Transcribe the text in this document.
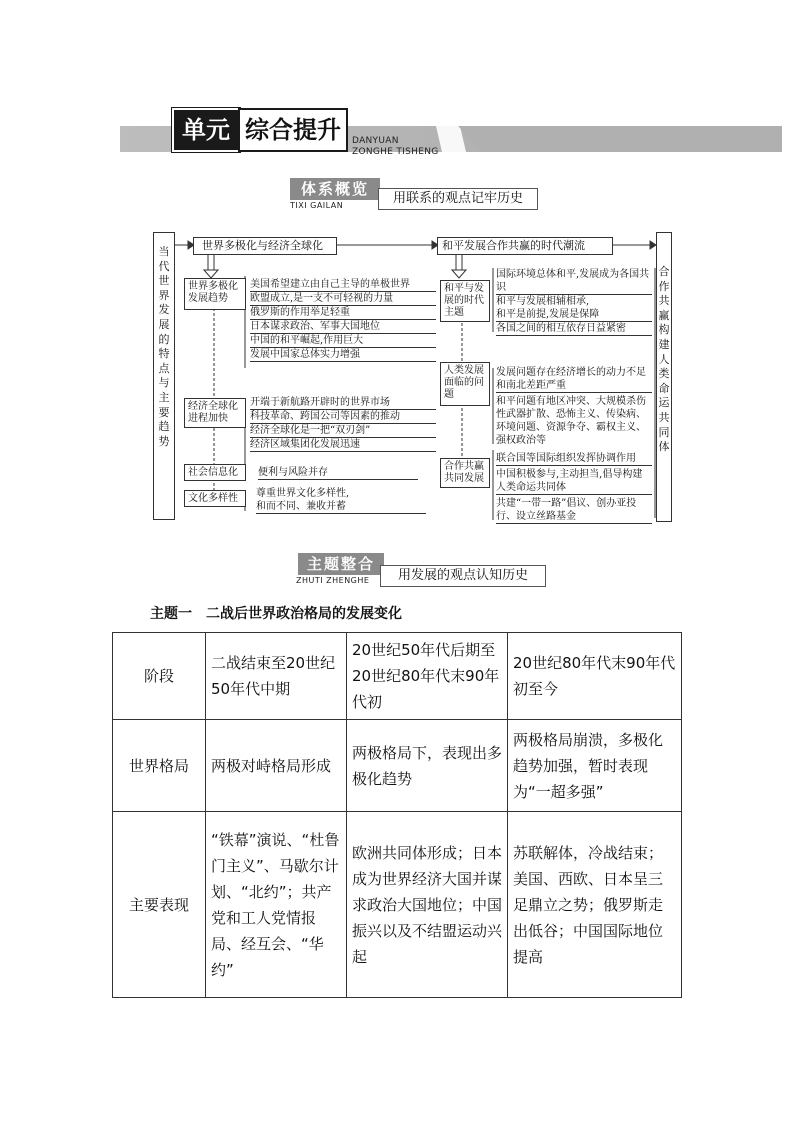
单元 综合提升	DANYUAN
ZONGHE TISHENG
体系概览
TIXI GAILAN	用联系的观点记牢历史
当代世界发展的特点与主要趋势
合作共赢构建人类命运共同体
世界多极化与经济全球化	和平发展合作共赢的时代潮流
世界多极化发展趋势
美国希望建立由自己主导的单极世界
欧盟成立,是一支不可轻视的力量
俄罗斯的作用举足轻重
日本谋求政治、军事大国地位
中国的和平崛起,作用巨大
发展中国家总体实力增强
经济全球化进程加快
开端于新航路开辟时的世界市场
科技革命、跨国公司等因素的推动
经济全球化是一把“双刃剑”
经济区域集团化发展迅速
社会信息化	便利与风险并存
文化多样性	尊重世界文化多样性,
和而不同、兼收并蓄
和平与发展的时代主题
国际环境总体和平,发展成为各国共识
和平与发展相辅相承,
和平是前提,发展是保障
各国之间的相互依存日益紧密
人类发展面临的问题
发展问题存在经济增长的动力不足和南北差距严重
和平问题有地区冲突、大规模杀伤性武器扩散、恐怖主义、传染病、环境问题、资源争夺、霸权主义、强权政治等
合作共赢共同发展
联合国等国际组织发挥协调作用
中国积极参与,主动担当,倡导构建人类命运共同体
共建“一带一路”倡议、创办亚投行、设立丝路基金
主题整合
ZHUTI ZHENGHE	用发展的观点认知历史
主题一　二战后世界政治格局的发展变化
阶段	二战结束至20世纪50年代中期	20世纪50年代后期至20世纪80年代末90年代初	20世纪80年代末90年代初至今
世界格局	两极对峙格局形成	两极格局下，表现出多极化趋势	两极格局崩溃，多极化趋势加强，暂时表现为“一超多强”
主要表现	“铁幕”演说、“杜鲁门主义”、马歇尔计划、“北约”；共产党和工人党情报局、经互会、“华约”	欧洲共同体形成；日本成为世界经济大国并谋求政治大国地位；中国振兴以及不结盟运动兴起	苏联解体，冷战结束；美国、西欧、日本呈三足鼎立之势；俄罗斯走出低谷；中国国际地位提高
